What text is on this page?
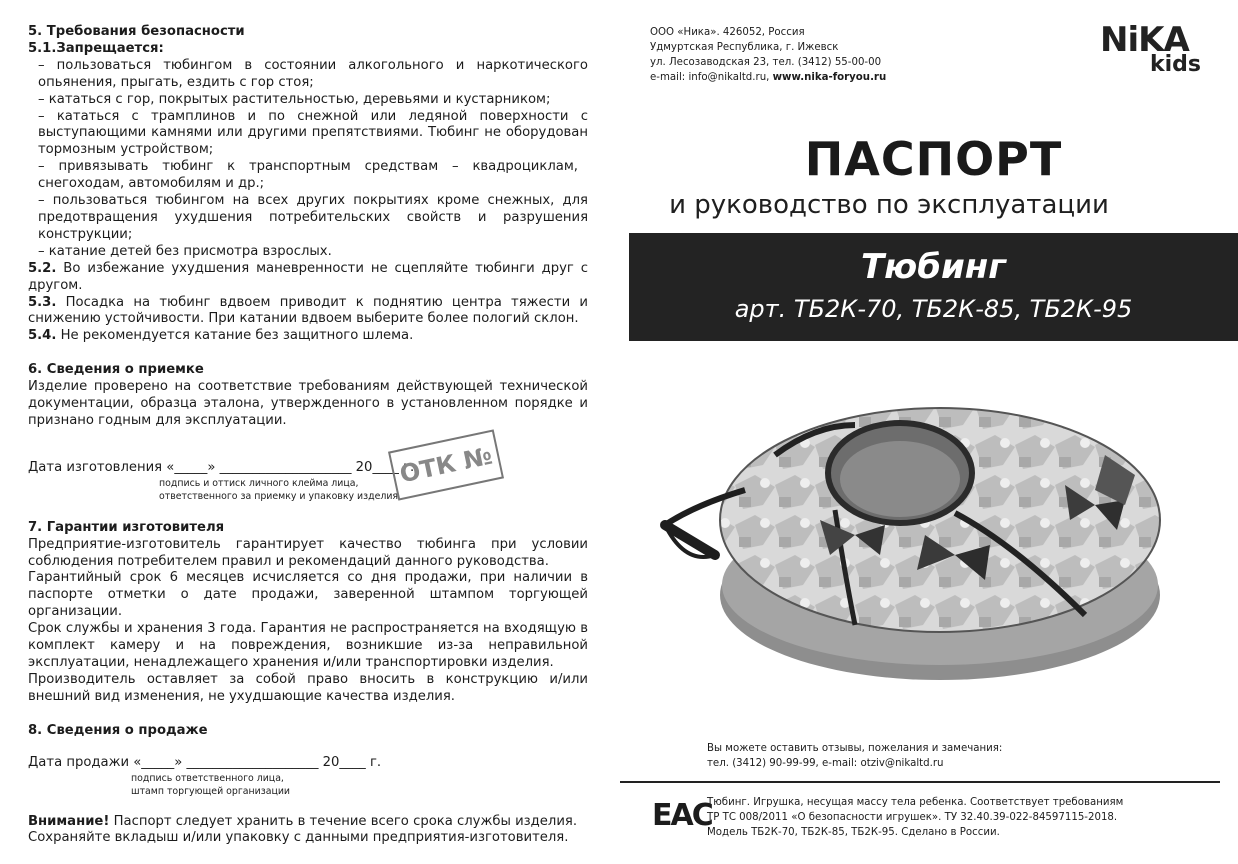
5. Требования безопасности

5.1.Запрещается:

– пользоваться тюбингом в состоянии алкогольного и наркотического опьянения, прыгать, ездить с гор стоя;

– кататься с гор, покрытых растительностью, деревьями и кустарником;

– кататься с трамплинов и по снежной или ледяной поверхности с выступающими камнями или другими препятствиями. Тюбинг не оборудован тормозным устройством;

– привязывать тюбинг к транспортным средствам – квадроциклам, снегоходам, автомобилям и др.;

– пользоваться тюбингом на всех других покрытиях кроме снежных, для предотвращения ухудшения потребительских свойств и разрушения конструкции;

– катание детей без присмотра взрослых.

5.2. Во избежание ухудшения маневренности не сцепляйте тюбинги друг с другом.

5.3. Посадка на тюбинг вдвоем приводит к поднятию центра тяжести и снижению устойчивости. При катании вдвоем выберите более пологий склон.

5.4. Не рекомендуется катание без защитного шлема.

6. Сведения о приемке

Изделие проверено на соответствие требованиям действующей технической документации, образца эталона, утвержденного в установленном порядке и признано годным для эксплуатации.

Дата изготовления «_____» ____________________ 20____ г.

подпись и оттиск личного клейма лица,

ответственного за приемку и упаковку изделия

7. Гарантии изготовителя

Предприятие-изготовитель гарантирует качество тюбинга при условии соблюдения потребителем правил и рекомендаций данного руководства.

Гарантийный срок 6 месяцев исчисляется со дня продажи, при наличии в паспорте отметки о дате продажи, заверенной штампом торгующей организации.

Срок службы и хранения 3 года. Гарантия не распространяется на входящую в комплект камеру и на повреждения, возникшие из-за неправильной эксплуатации, ненадлежащего хранения и/или транспортировки изделия.

Производитель оставляет за собой право вносить в конструкцию и/или внешний вид изменения, не ухудшающие качества изделия.

8. Сведения о продаже

Дата продажи «_____» ____________________ 20____ г.

подпись ответственного лица,

штамп торгующей организации

Внимание! Паспорт следует хранить в течение всего срока службы изделия.

Сохраняйте вкладыш и/или упаковку с данными предприятия-изготовителя.

ОТК №
ООО «Ника». 426052, Россия
Удмуртская Республика, г. Ижевск
ул. Лесозаводская 23, тел. (3412) 55-00-00
e-mail: info@nikaltd.ru, www.nika-foryou.ru
NiKA
kids
ПАСПОРТ
и руководство по эксплуатации
Тюбинг
арт. ТБ2К-70, ТБ2К-85, ТБ2К-95
Вы можете оставить отзывы, пожелания и замечания:
тел. (3412) 90-99-99, e-mail: otziv@nikaltd.ru
EAC
Тюбинг. Игрушка, несущая массу тела ребенка. Соответствует требованиям
ТР ТС 008/2011 «О безопасности игрушек». ТУ 32.40.39-022-84597115-2018.
Модель ТБ2К-70, ТБ2К-85, ТБ2К-95. Сделано в России.
